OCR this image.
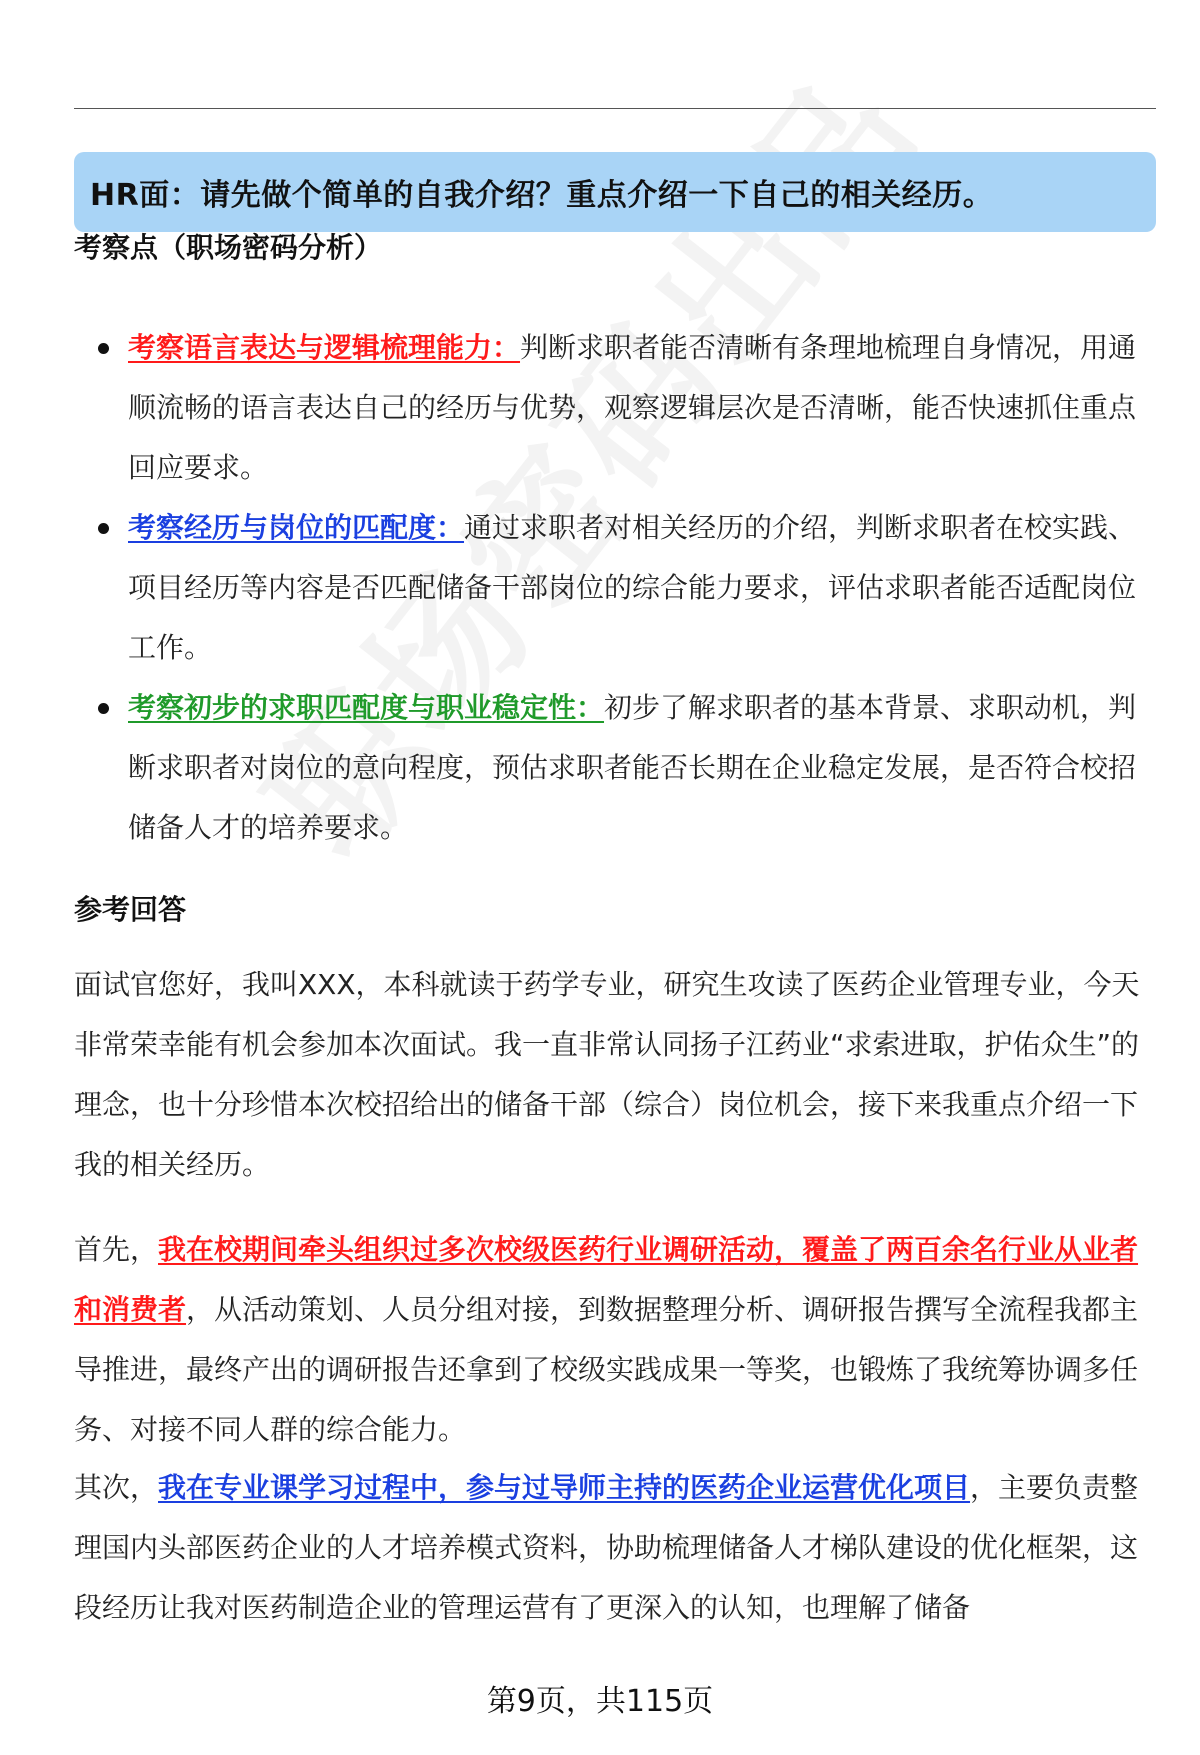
HR面：请先做个简单的自我介绍？重点介绍一下自己的相关经历。
考察点（职场密码分析）
考察语言表达与逻辑梳理能力：判断求职者能否清晰有条理地梳理自身情况，用通顺流畅的语言表达自己的经历与优势，观察逻辑层次是否清晰，能否快速抓住重点回应要求。
考察经历与岗位的匹配度：通过求职者对相关经历的介绍，判断求职者在校实践、项目经历等内容是否匹配储备干部岗位的综合能力要求，评估求职者能否适配岗位工作。
考察初步的求职匹配度与职业稳定性：初步了解求职者的基本背景、求职动机，判断求职者对岗位的意向程度，预估求职者能否长期在企业稳定发展，是否符合校招储备人才的培养要求。
参考回答

面试官您好，我叫XXX，本科就读于药学专业，研究生攻读了医药企业管理专业，今天非常荣幸能有机会参加本次面试。我一直非常认同扬子江药业“求索进取，护佑众生”的理念，也十分珍惜本次校招给出的储备干部（综合）岗位机会，接下来我重点介绍一下我的相关经历。

首先，我在校期间牵头组织过多次校级医药行业调研活动，覆盖了两百余名行业从业者和消费者，从活动策划、人员分组对接，到数据整理分析、调研报告撰写全流程我都主导推进，最终产出的调研报告还拿到了校级实践成果一等奖，也锻炼了我统筹协调多任务、对接不同人群的综合能力。

其次，我在专业课学习过程中，参与过导师主持的医药企业运营优化项目，主要负责整理国内头部医药企业的人才培养模式资料，协助梳理储备人才梯队建设的优化框架，这段经历让我对医药制造企业的管理运营有了更深入的认知，也理解了储备

第9页，共115页
